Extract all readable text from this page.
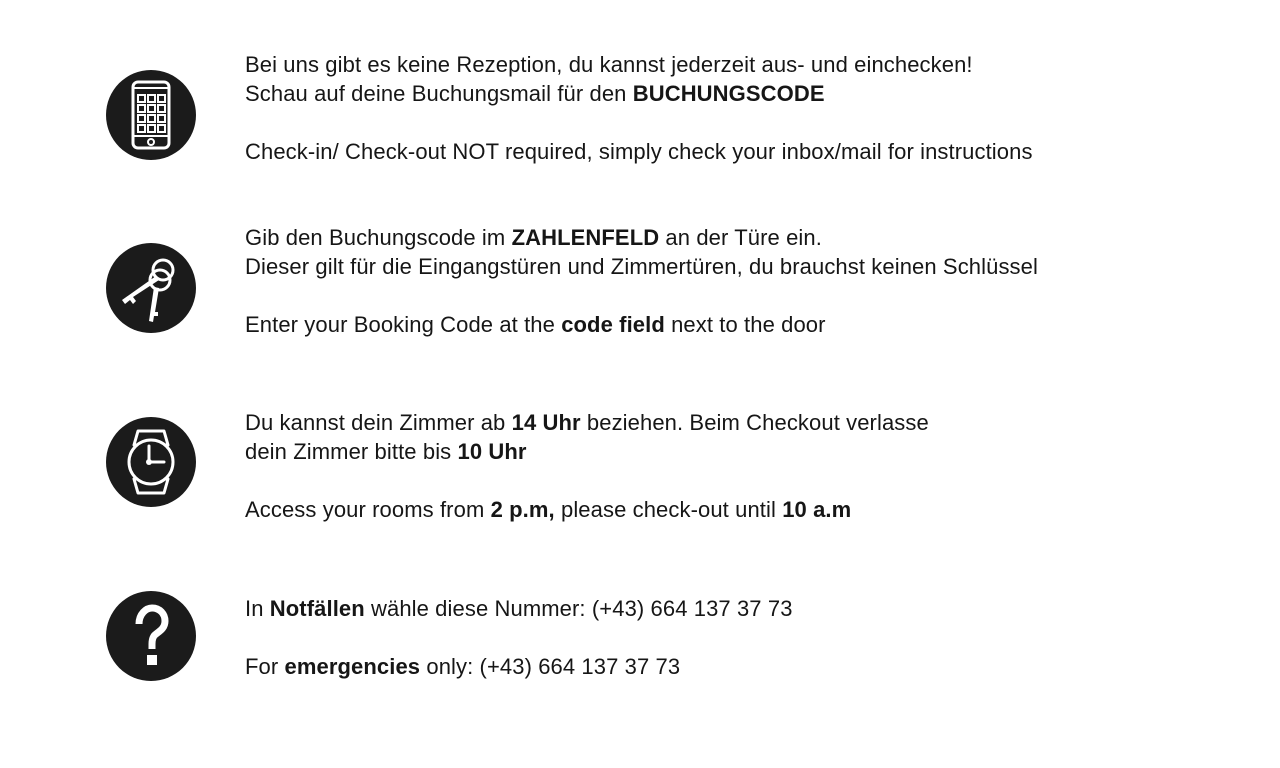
Bei uns gibt es keine Rezeption, du kannst jederzeit aus- und einchecken!

Schau auf deine Buchungsmail für den BUCHUNGSCODE

Check-in/ Check-out NOT required, simply check your inbox/mail for instructions

Gib den Buchungscode im ZAHLENFELD an der Türe ein.

Dieser gilt für die Eingangstüren und Zimmertüren, du brauchst keinen Schlüssel

Enter your Booking Code at the code field next to the door

Du kannst dein Zimmer ab 14 Uhr beziehen. Beim Checkout verlasse

dein Zimmer bitte bis 10 Uhr

Access your rooms from 2 p.m, please check-out until 10 a.m

In Notfällen wähle diese Nummer: (+43) 664 137 37 73

For emergencies only: (+43) 664 137 37 73
